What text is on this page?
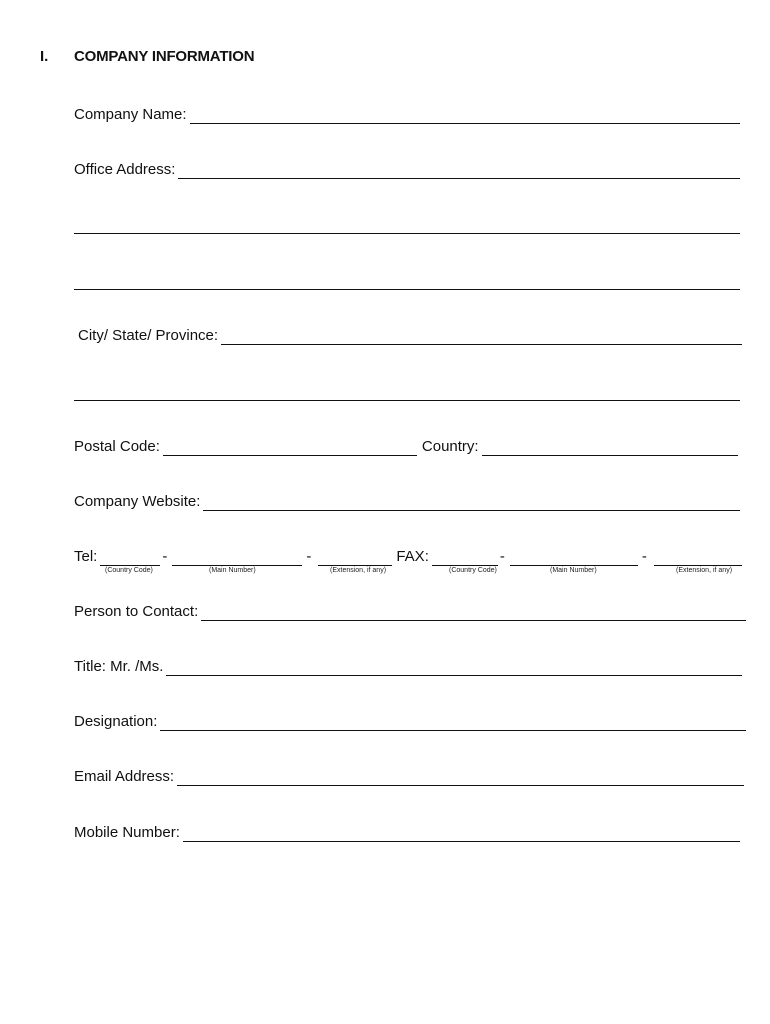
I. COMPANY INFORMATION
Company Name:
Office Address:
City/ State/ Province:
Postal Code:	Country:
Company Website:
Tel:	-	-	FAX:	-	-
(Country Code)	(Main Number)	(Extension, if any)	(Country Code)	(Main Number)	(Extension, if any)
Person to Contact:
Title: Mr. /Ms.
Designation:
Email Address:
Mobile Number:
